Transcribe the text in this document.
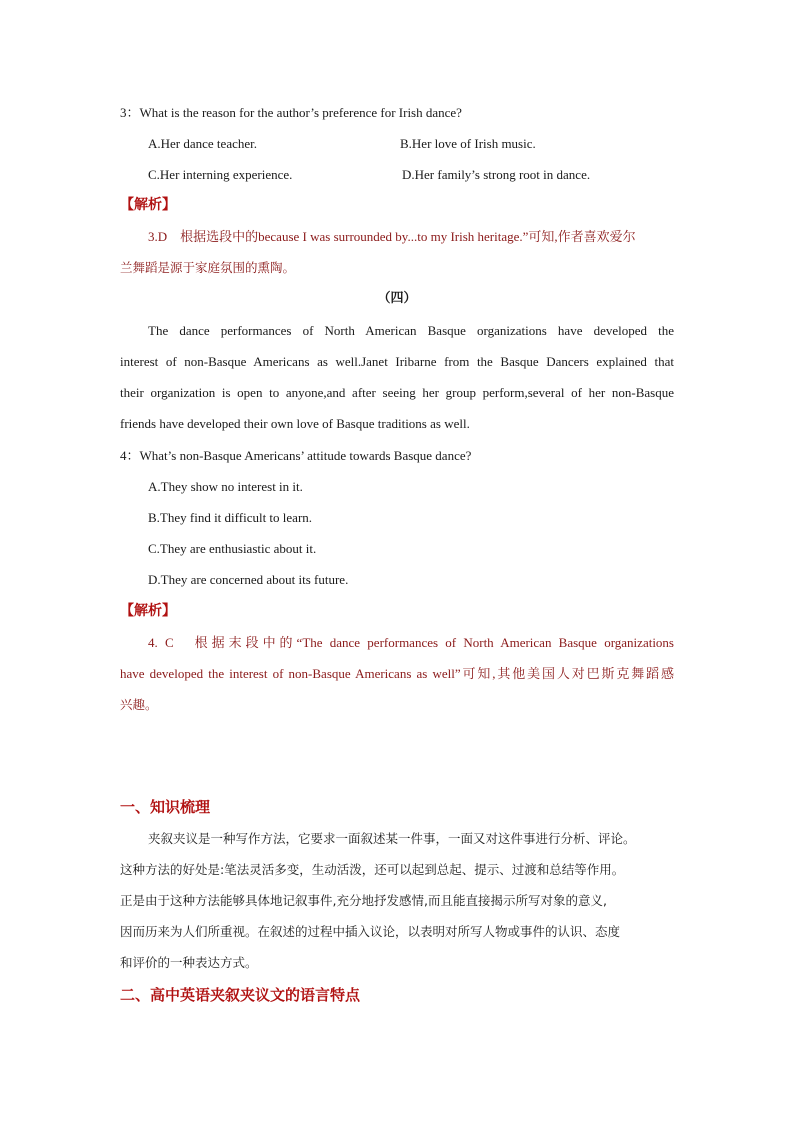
3：What is the reason for the author’s preference for Irish dance?
A.Her dance teacher.	B.Her love of Irish music.
C.Her interning experience.	D.Her family’s strong root in dance.
【解析】
3.D　根据选段中的because I was surrounded by...to my Irish heritage.”可知,作者喜欢爱尔
兰舞蹈是源于家庭氛围的熏陶。
（四）
The dance performances of North American Basque organizations have developed the
interest of non-Basque Americans as well.Janet Iribarne from the Basque Dancers explained that
their organization is open to anyone,and after seeing her group perform,several of her non-Basque
friends have developed their own love of Basque traditions as well.
4：What’s non-Basque Americans’ attitude towards Basque dance?
A.They show no interest in it.
B.They find it difficult to learn.
C.They are enthusiastic about it.
D.They are concerned about its future.
【解析】
4. C　根据末段中的“The dance performances of North American Basque organizations
have developed the interest of non-Basque Americans as well”可知,其他美国人对巴斯克舞蹈感
兴趣。
一、知识梳理
夹叙夹议是一种写作方法，它要求一面叙述某一件事，一面又对这件事进行分析、评论。
这种方法的好处是:笔法灵活多变，生动活泼，还可以起到总起、提示、过渡和总结等作用。
正是由于这种方法能够具体地记叙事件,充分地抒发感情,而且能直接揭示所写对象的意义,
因而历来为人们所重视。在叙述的过程中插入议论，以表明对所写人物或事件的认识、态度
和评价的一种表达方式。
二、高中英语夹叙夹议文的语言特点
